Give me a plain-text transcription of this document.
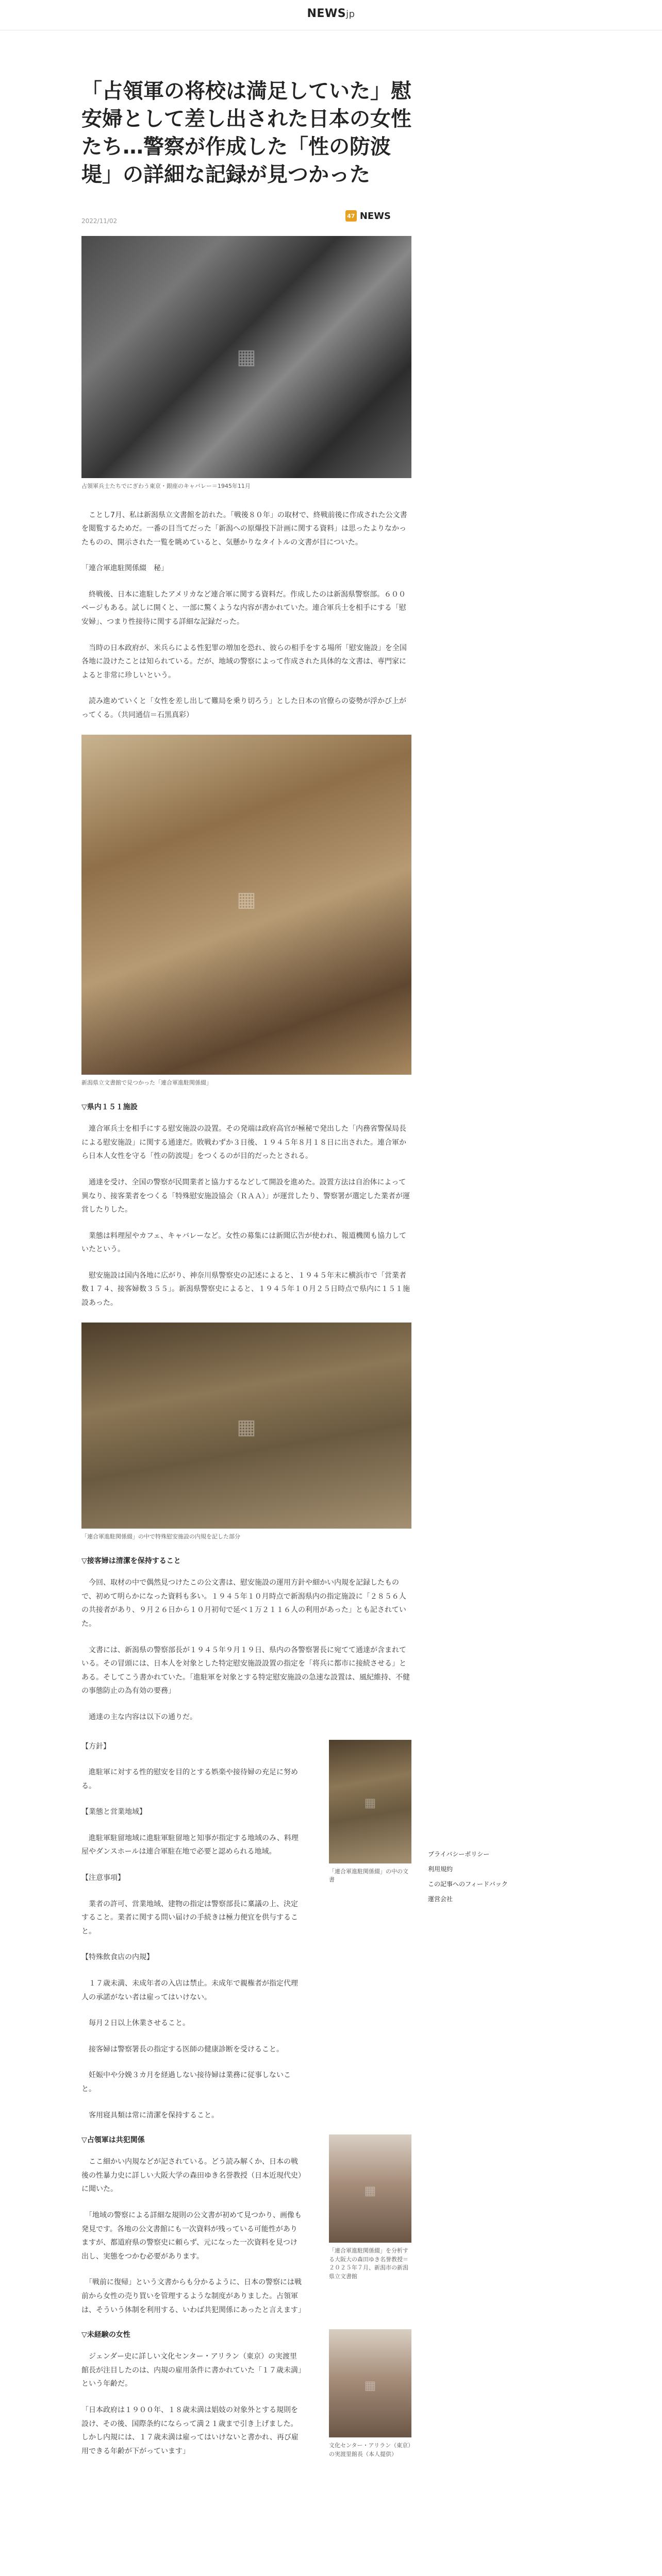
NEWSjp
「占領軍の将校は満足していた」慰安婦として差し出された日本の女性たち…警察が作成した「性の防波堤」の詳細な記録が見つかった
2022/11/02
47 NEWS
▦
占領軍兵士たちでにぎわう東京・銀座のキャバレー＝1945年11月

　ことし7月、私は新潟県立文書館を訪れた。「戦後８０年」の取材で、終戦前後に作成された公文書を閲覧するためだ。一番の目当てだった「新潟への原爆投下計画に関する資料」は思ったよりなかったものの、開示された一覧を眺めていると、気懸かりなタイトルの文書が目についた。

「連合軍進駐関係綴　秘」

　終戦後、日本に進駐したアメリカなど連合軍に関する資料だ。作成したのは新潟県警察部。６００ページもある。試しに開くと、一部に驚くような内容が書かれていた。連合軍兵士を相手にする「慰安婦」、つまり性接待に関する詳細な記録だった。

　当時の日本政府が、米兵らによる性犯罪の増加を恐れ、彼らの相手をする場所「慰安施設」を全国各地に設けたことは知られている。だが、地域の警察によって作成された具体的な文書は、専門家によると非常に珍しいという。

　読み進めていくと「女性を差し出して難局を乗り切ろう」とした日本の官僚らの姿勢が浮かび上がってくる。（共同通信＝石黒真彩）

▦
新潟県立文書館で見つかった「連合軍進駐関係綴」
▽県内１５１施設

　連合軍兵士を相手にする慰安施設の設置。その発端は政府高官が極秘で発出した「内務省警保局長による慰安施設」に関する通達だ。敗戦わずか３日後、１９４５年８月１８日に出された。連合軍から日本人女性を守る「性の防波堤」をつくるのが目的だったとされる。

　通達を受け、全国の警察が民間業者と協力するなどして開設を進めた。設置方法は自治体によって異なり、接客業者をつくる「特殊慰安施設協会（ＲＡＡ）」が運営したり、警察署が選定した業者が運営したりした。

　業態は料理屋やカフェ、キャバレーなど。女性の募集には新聞広告が使われ、報道機関も協力していたという。

　慰安施設は国内各地に広がり、神奈川県警察史の記述によると、１９４５年末に横浜市で「営業者数１７４、接客婦数３５５」。新潟県警察史によると、１９４５年１０月２５日時点で県内に１５１施設あった。

▦
「連合軍進駐関係綴」の中で特殊慰安施設の内規を記した部分
▽接客婦は清潔を保持すること

　今回、取材の中で偶然見つけたこの公文書は、慰安施設の運用方針や細かい内規を記録したもので、初めて明らかになった資料も多い。１９４５年１０月時点で新潟県内の指定施設に「２８５６人の共接者があり、９月２６日から１０月初旬で延べ１万２１１６人の利用があった」とも記されていた。

　文書には、新潟県の警察部長が１９４５年９月１９日、県内の各警察署長に宛てて通達が含まれている。その冒頭には、日本人を対象とした特定慰安施設設置の指定を「将兵に都市に接続させる」とある。そしてこう書かれていた。「進駐軍を対象とする特定慰安施設の急速な設置は、風紀維持、不健の事態防止の為有効の要務」

　通達の主な内容は以下の通りだ。

【方針】

　進駐軍に対する性的慰安を目的とする娯楽や接待婦の充足に努める。

【業態と営業地域】

　進駐軍駐留地域に進駐軍駐留地と知事が指定する地域のみ、料理屋やダンスホールは連合軍駐在地で必要と認められる地域。

【注意事項】

　業者の許可、営業地域、建物の指定は警察部長に稟議の上、決定すること。業者に関する問い届けの手続きは極力便宜を供与すること。

【特殊飲食店の内規】

　１７歳未満、未成年者の入店は禁止。未成年で親権者が指定代理人の承諾がない者は雇ってはいけない。

　毎月２日以上休業させること。

　接客婦は警察署長の指定する医師の健康診断を受けること。

　妊娠中や分娩３カ月を経過しない接待婦は業務に従事しないこと。

　客用寝具類は常に清潔を保持すること。

▦
「連合軍進駐関係綴」の中の文書
▽占領軍は共犯関係

　ここ細かい内規などが記されている。どう読み解くか、日本の戦後の性暴力史に詳しい大阪大学の森田ゆき名誉教授（日本近現代史）に聞いた。

　「地域の警察による詳細な規則の公文書が初めて見つかり、画像も発見です。各地の公文書館にも一次資料が残っている可能性がありますが、都道府県の警察史に頼らず、元になった一次資料を見つけ出し、実態をつかむ必要があります。

　「戦前に復帰」という文書からも分かるように、日本の警察には戦前から女性の売り買いを管理するような制度がありました。占領軍は、そういう体制を利用する、いわば共犯関係にあったと言えます」

▦
「連合軍進駐関係綴」を分析する大阪大の森田ゆき名誉教授＝２０２５年７月、新潟市の新潟県立文書館
▽未経験の女性

　ジェンダー史に詳しい文化センター・アリラン（東京）の実渡里館長が注目したのは、内規の雇用条件に書かれていた「１７歳未満」という年齢だ。

「日本政府は１９００年、１８歳未満は娼妓の対象外とする規則を設け、その後、国際条約にならって満２１歳まで引き上げました。しかし内規には、１７歳未満は雇ってはいけないと書かれ、再び雇用できる年齢が下がっています」

▦
文化センター・アリラン（東京）の実渡里館長（本人提供）
プライバシーポリシー
利用規約
この記事へのフィードバック
運営会社
